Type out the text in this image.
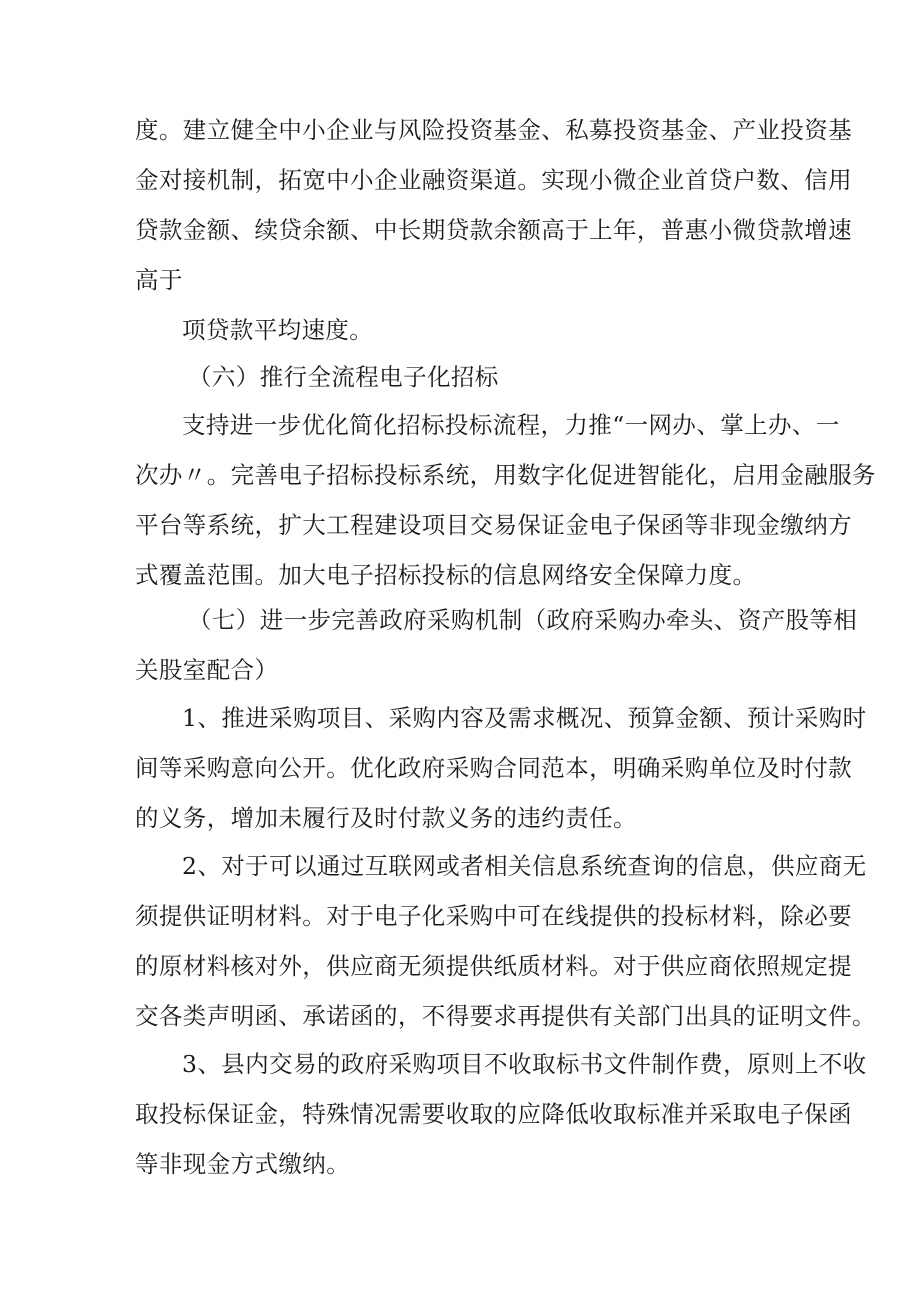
度。建立健全中小企业与风险投资基金、私募投资基金、产业投资基
金对接机制，拓宽中小企业融资渠道。实现小微企业首贷户数、信用
贷款金额、续贷余额、中长期贷款余额高于上年，普惠小微贷款增速
高于
项贷款平均速度。
（六）推行全流程电子化招标
支持进一步优化简化招标投标流程，力推“一网办、掌上办、一
次办〃。完善电子招标投标系统，用数字化促进智能化，启用金融服务
平台等系统，扩大工程建设项目交易保证金电子保函等非现金缴纳方
式覆盖范围。加大电子招标投标的信息网络安全保障力度。
（七）进一步完善政府采购机制（政府采购办牵头、资产股等相
关股室配合）
1、推进采购项目、采购内容及需求概况、预算金额、预计采购时
间等采购意向公开。优化政府采购合同范本，明确采购单位及时付款
的义务，增加未履行及时付款义务的违约责任。
2、对于可以通过互联网或者相关信息系统查询的信息，供应商无
须提供证明材料。对于电子化采购中可在线提供的投标材料，除必要
的原材料核对外，供应商无须提供纸质材料。对于供应商依照规定提
交各类声明函、承诺函的，不得要求再提供有关部门出具的证明文件。
3、县内交易的政府采购项目不收取标书文件制作费，原则上不收
取投标保证金，特殊情况需要收取的应降低收取标准并采取电子保函
等非现金方式缴纳。
